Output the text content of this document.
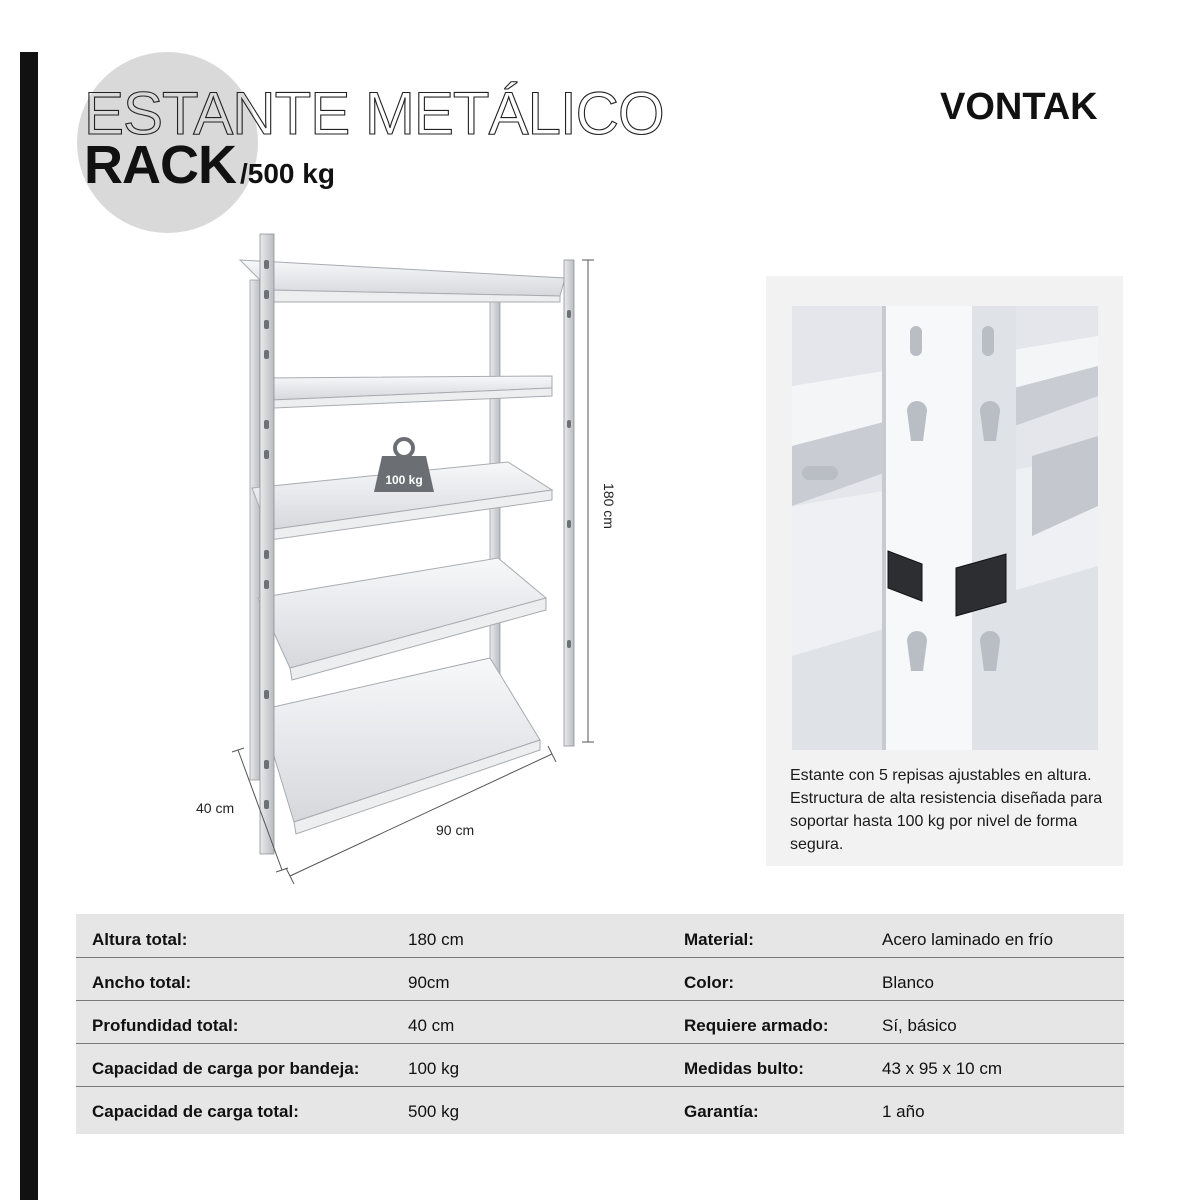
ESTANTE METÁLICO
RACK /500 kg
VONTAK
100 kg
180 cm
90 cm
40 cm
Estante con 5 repisas ajustables en altura. Estructura de alta resistencia diseñada para soportar hasta 100 kg por nivel de forma segura.
Altura total:	180 cm	Material:	Acero laminado en frío
Ancho total:	90cm	Color:	Blanco
Profundidad total:	40 cm	Requiere armado:	Sí, básico
Capacidad de carga por bandeja:	100 kg	Medidas bulto:	43 x 95 x 10 cm
Capacidad de carga total:	500 kg	Garantía:	1 año
